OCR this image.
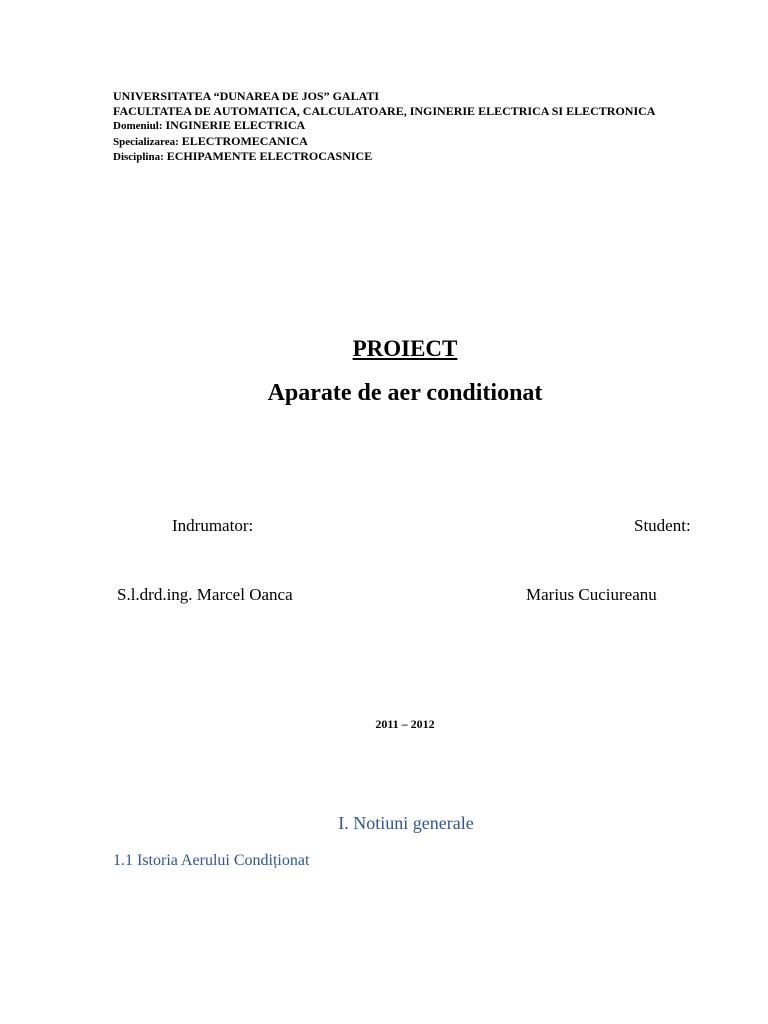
UNIVERSITATEA “DUNAREA DE JOS” GALATI
FACULTATEA DE AUTOMATICA, CALCULATOARE, INGINERIE ELECTRICA SI ELECTRONICA
Domeniul: INGINERIE ELECTRICA
Specializarea: ELECTROMECANICA
Disciplina: ECHIPAMENTE ELECTROCASNICE
PROIECT
Aparate de aer conditionat
Indrumator:	Student:
S.l.drd.ing. Marcel Oanca	Marius Cuciureanu
2011 – 2012
I. Notiuni generale
1.1 Istoria Aerului Condiționat
